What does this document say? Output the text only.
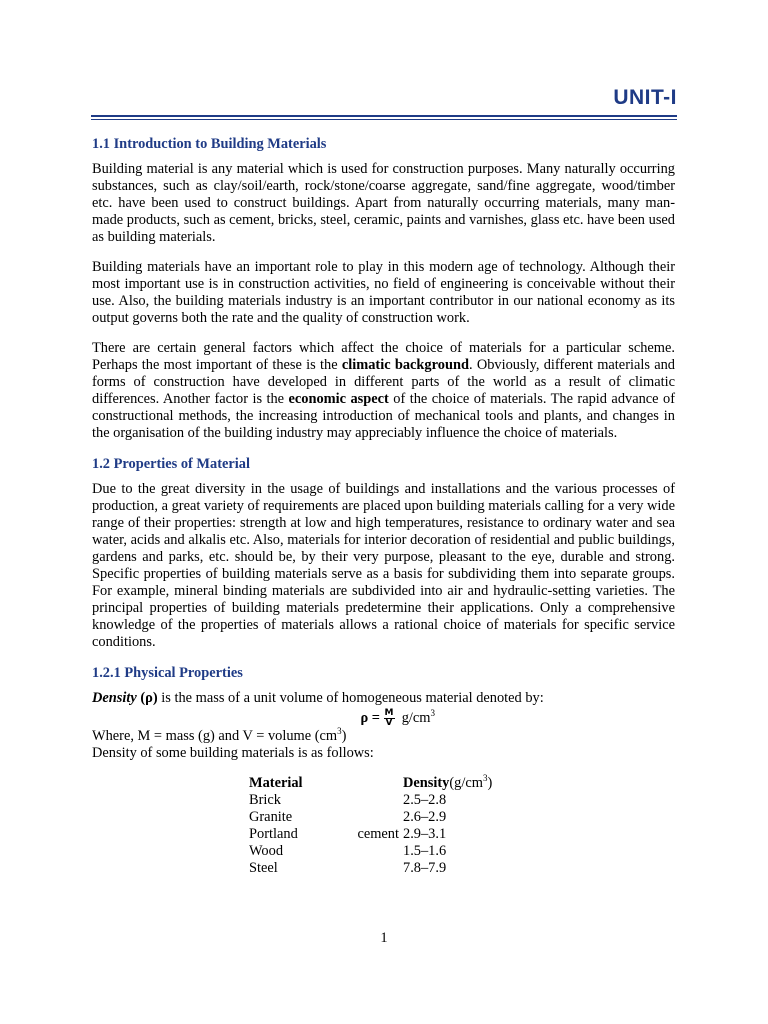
UNIT-I
1.1 Introduction to Building Materials

Building material is any material which is used for construction purposes. Many naturally occurring substances, such as clay/soil/earth, rock/stone/coarse aggregate, sand/fine aggregate, wood/timber etc. have been used to construct buildings. Apart from naturally occurring materials, many man-made products, such as cement, bricks, steel, ceramic, paints and varnishes, glass etc. have been used as building materials.

Building materials have an important role to play in this modern age of technology. Although their most important use is in construction activities, no field of engineering is conceivable without their use. Also, the building materials industry is an important contributor in our national economy as its output governs both the rate and the quality of construction work.

There are certain general factors which affect the choice of materials for a particular scheme. Perhaps the most important of these is the climatic background. Obviously, different materials and forms of construction have developed in different parts of the world as a result of climatic differences. Another factor is the economic aspect of the choice of materials. The rapid advance of constructional methods, the increasing introduction of mechanical tools and plants, and changes in the organisation of the building industry may appreciably influence the choice of materials.

1.2 Properties of Material

Due to the great diversity in the usage of buildings and installations and the various processes of production, a great variety of requirements are placed upon building materials calling for a very wide range of their properties: strength at low and high temperatures, resistance to ordinary water and sea water, acids and alkalis etc. Also, materials for interior decoration of residential and public buildings, gardens and parks, etc. should be, by their very purpose, pleasant to the eye, durable and strong. Specific properties of building materials serve as a basis for subdividing them into separate groups. For example, mineral binding materials are subdivided into air and hydraulic-setting varieties. The principal properties of building materials predetermine their applications. Only a comprehensive knowledge of the properties of materials allows a rational choice of materials for specific service conditions.

1.2.1 Physical Properties

Density (ρ) is the mass of a unit volume of homogeneous material denoted by:

$\rho = \frac{M}{V} g/cm^3$

Where, M = mass (g) and V = volume $(cm^3)$

Density of some building materials is as follows:

Material		$Density(g/cm^3)$
Brick		2.5–2.8
Granite		2.6–2.9
Portland	cement	2.9–3.1
Wood		1.5–1.6
Steel		7.8–7.9
1
